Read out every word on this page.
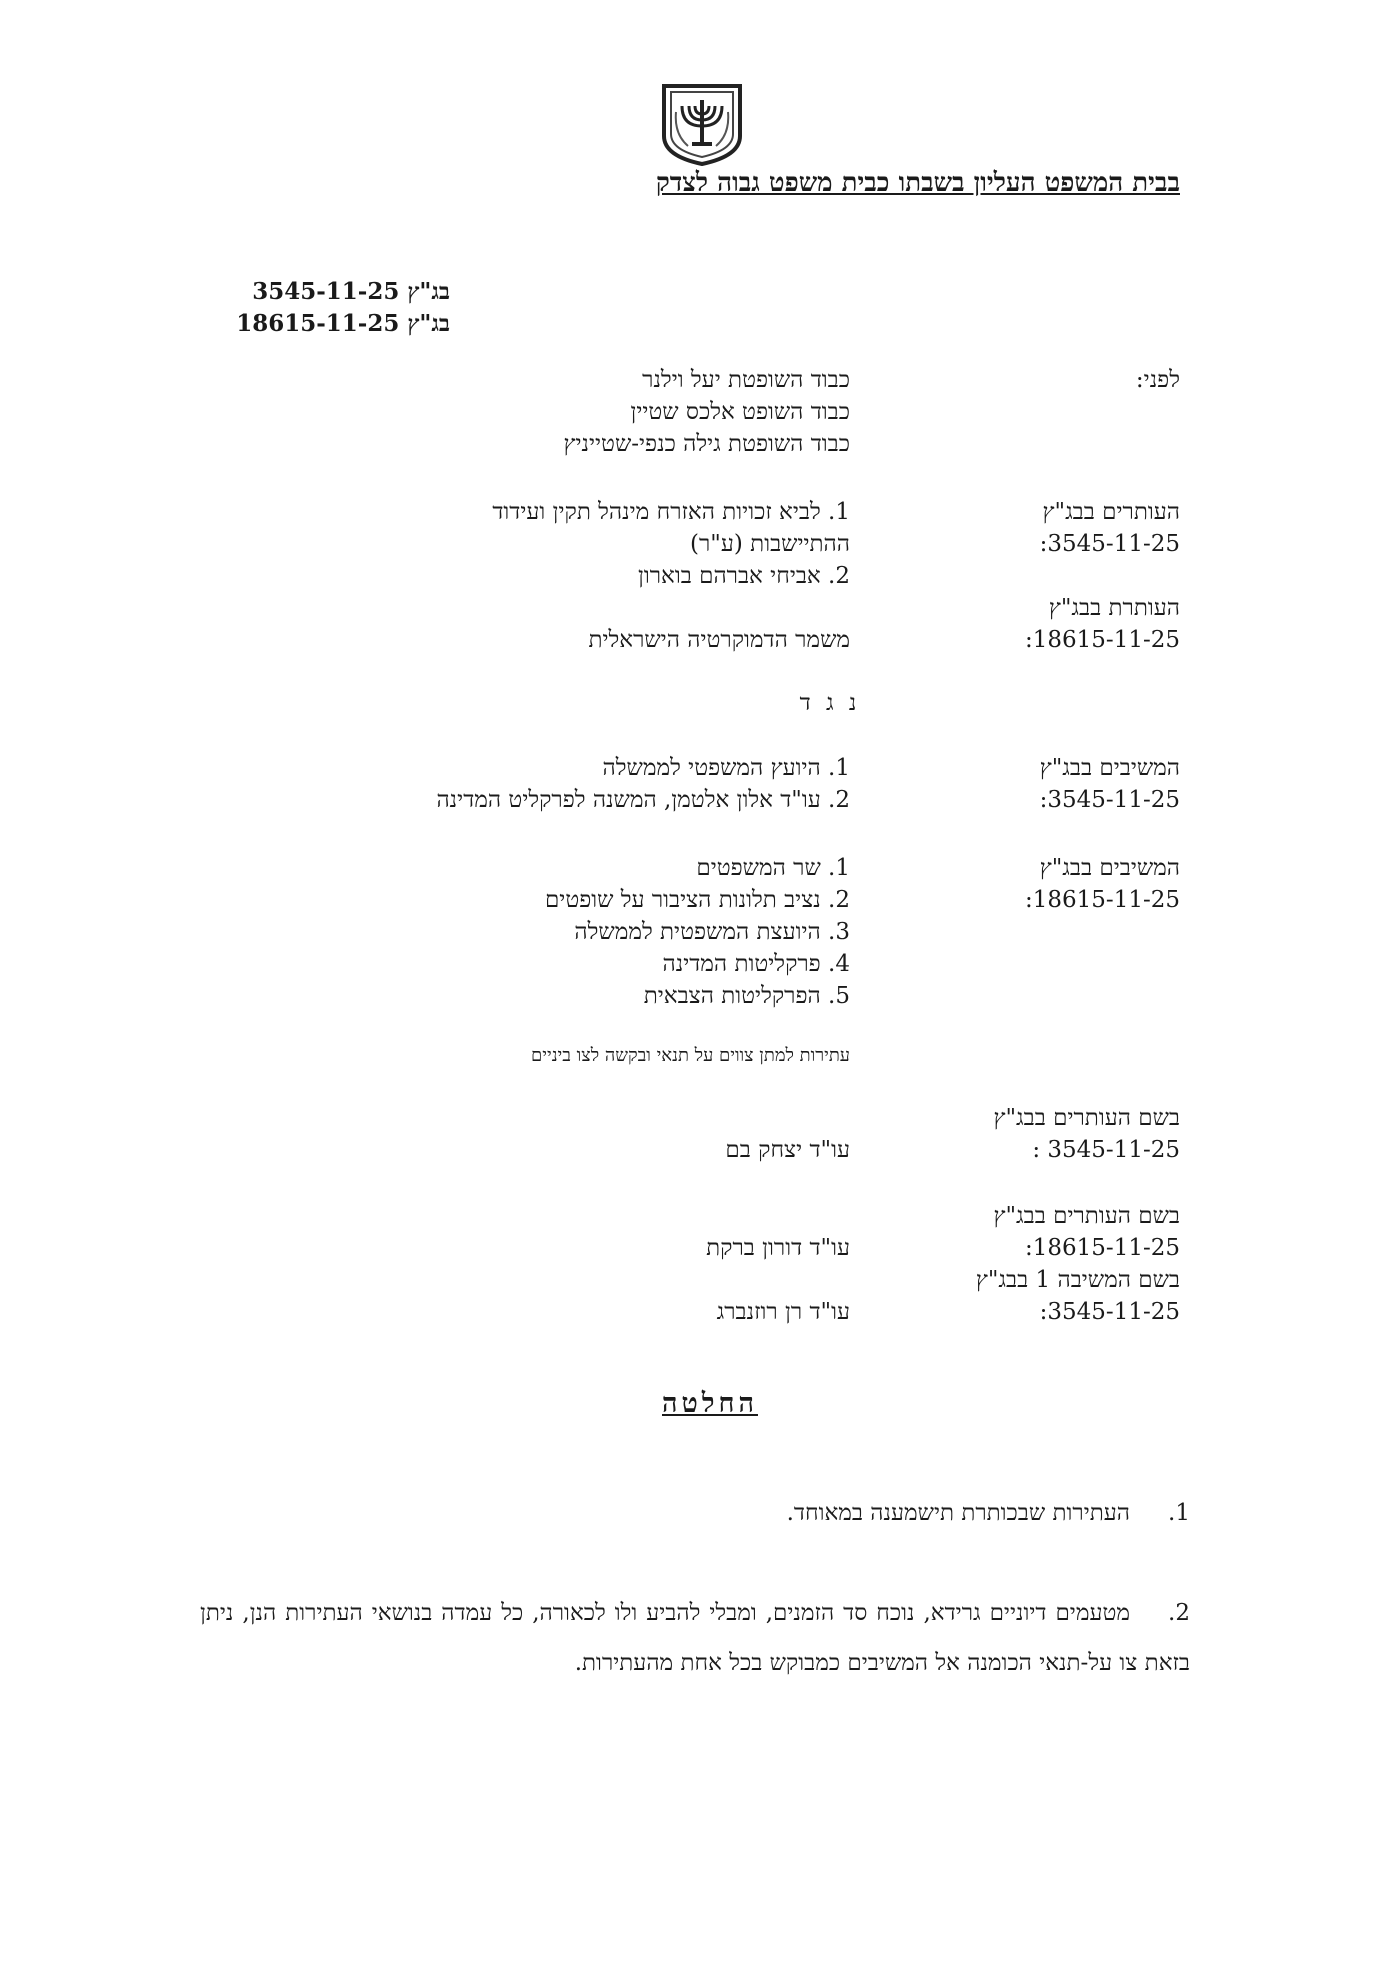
בבית המשפט העליון בשבתו כבית משפט גבוה לצדק
בג"ץ 3545-11-25
בג"ץ 18615-11-25
לפני:
כבוד השופטת יעל וילנר
כבוד השופט אלכס שטיין
כבוד השופטת גילה כנפי-שטייניץ
העותרים בבג"ץ
3545-11-25:
1. לביא זכויות האזרח מינהל תקין ועידוד
ההתיישבות (ע"ר)
2. אביחי אברהם בוארון
העותרת בבג"ץ
18615-11-25:
משמר הדמוקרטיה הישראלית
נ ג ד
המשיבים בבג"ץ
3545-11-25:
1. היועץ המשפטי לממשלה
2. עו"ד אלון אלטמן, המשנה לפרקליט המדינה
המשיבים בבג"ץ
18615-11-25:
1. שר המשפטים
2. נציב תלונות הציבור על שופטים
3. היועצת המשפטית לממשלה
4. פרקליטות המדינה
5. הפרקליטות הצבאית
עתירות למתן צווים על תנאי ובקשה לצו ביניים
בשם העותרים בבג"ץ
3545-11-25 :
עו"ד יצחק בם
בשם העותרים בבג"ץ
18615-11-25:
עו"ד דורון ברקת
בשם המשיבה 1 בבג"ץ
3545-11-25:
עו"ד רן רוזנברג
החלטה
1.העתירות שבכותרת תישמענה במאוחד.
2.מטעמים דיוניים גרידא, נוכח סד הזמנים, ומבלי להביע ולו לכאורה, כל עמדה בנושאי העתירות הנן, ניתן בזאת צו על-תנאי הכומנה אל המשיבים כמבוקש בכל אחת מהעתירות.
